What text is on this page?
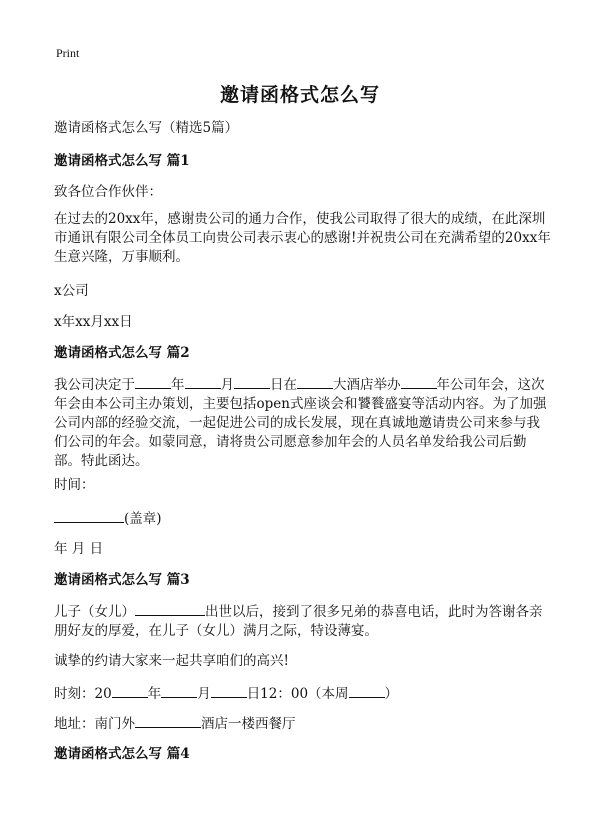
Print
邀请函格式怎么写
邀请函格式怎么写（精选5篇）
邀请函格式怎么写 篇1
致各位合作伙伴：
在过去的20xx年，感谢贵公司的通力合作，使我公司取得了很大的成绩，在此深圳市通讯有限公司全体员工向贵公司表示衷心的感谢!并祝贵公司在充满希望的20xx年生意兴隆，万事顺利。
x公司
x年xx月xx日
邀请函格式怎么写 篇2
我公司决定于	年	月	日在	大酒店举办	年公司年会，这次年会由本公司主办策划，主要包括open式座谈会和饕餮盛宴等活动内容。为了加强公司内部的经验交流，一起促进公司的成长发展，现在真诚地邀请贵公司来参与我们公司的年会。如蒙同意，请将贵公司愿意参加年会的人员名单发给我公司后勤部。特此函达。
时间：
(盖章)
年 月 日
邀请函格式怎么写 篇3
儿子（女儿）	出世以后，接到了很多兄弟的恭喜电话，此时为答谢各亲朋好友的厚爱，在儿子（女儿）满月之际，特设薄宴。
诚挚的约请大家来一起共享咱们的高兴!
时刻：20	年	月	日12：00（本周	）
地址：南门外	酒店一楼西餐厅
邀请函格式怎么写 篇4
